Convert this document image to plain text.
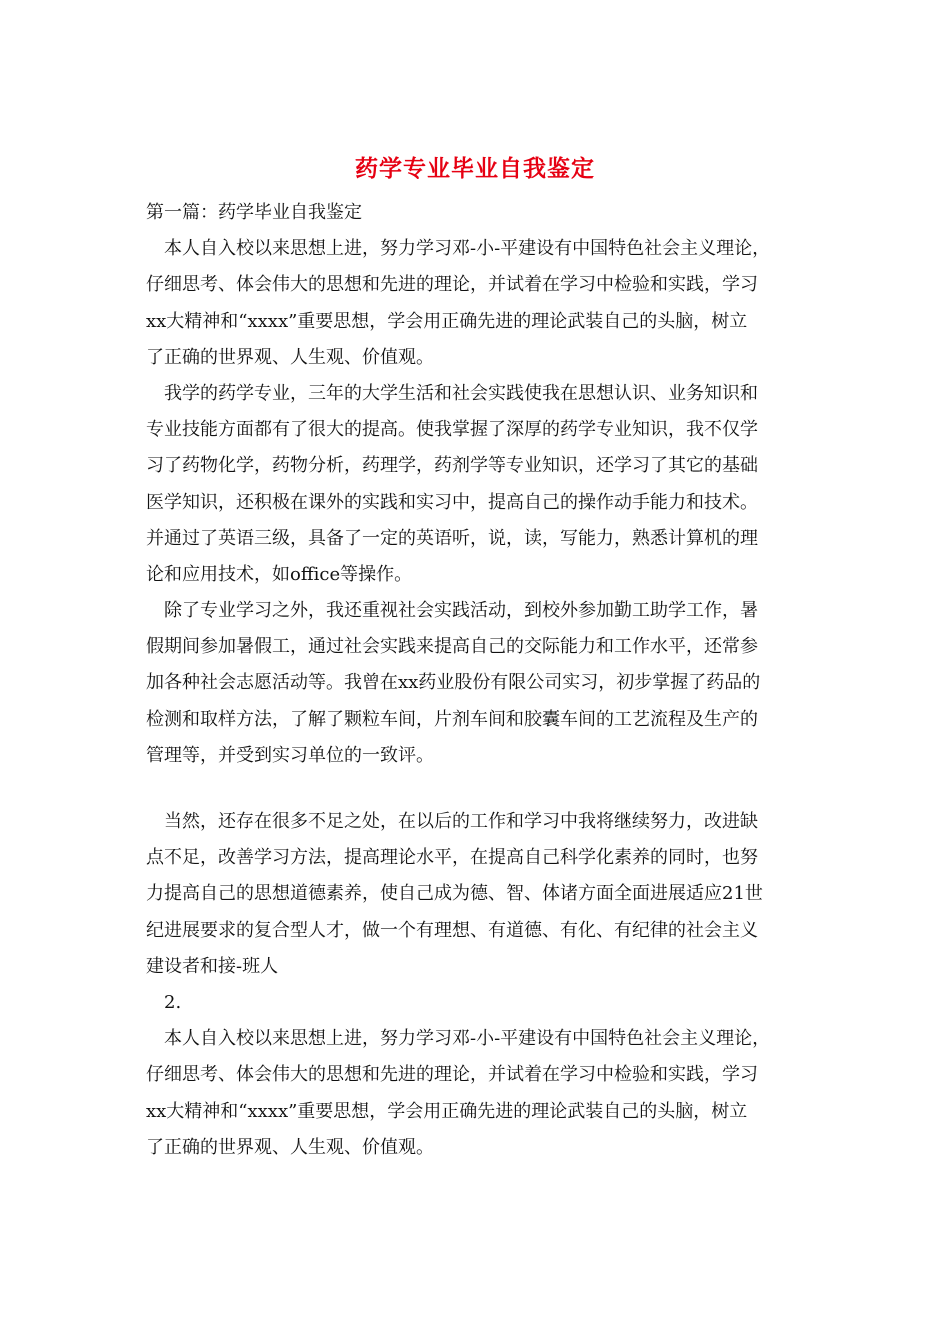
药学专业毕业自我鉴定
第一篇：药学毕业自我鉴定
本人自入校以来思想上进，努力学习邓-小-平建设有中国特色社会主义理论，
仔细思考、体会伟大的思想和先进的理论，并试着在学习中检验和实践，学习
xx大精神和“xxxx”重要思想，学会用正确先进的理论武装自己的头脑，树立
了正确的世界观、人生观、价值观。
我学的药学专业，三年的大学生活和社会实践使我在思想认识、业务知识和
专业技能方面都有了很大的提高。使我掌握了深厚的药学专业知识，我不仅学
习了药物化学，药物分析，药理学，药剂学等专业知识，还学习了其它的基础
医学知识，还积极在课外的实践和实习中，提高自己的操作动手能力和技术。
并通过了英语三级，具备了一定的英语听，说，读，写能力，熟悉计算机的理
论和应用技术，如office等操作。
除了专业学习之外，我还重视社会实践活动，到校外参加勤工助学工作，暑
假期间参加暑假工，通过社会实践来提高自己的交际能力和工作水平，还常参
加各种社会志愿活动等。我曾在xx药业股份有限公司实习，初步掌握了药品的
检测和取样方法，了解了颗粒车间，片剂车间和胶囊车间的工艺流程及生产的
管理等，并受到实习单位的一致评。
当然，还存在很多不足之处，在以后的工作和学习中我将继续努力，改进缺
点不足，改善学习方法，提高理论水平，在提高自己科学化素养的同时，也努
力提高自己的思想道德素养，使自己成为德、智、体诸方面全面进展适应21世
纪进展要求的复合型人才，做一个有理想、有道德、有化、有纪律的社会主义
建设者和接-班人
2.
本人自入校以来思想上进，努力学习邓-小-平建设有中国特色社会主义理论，
仔细思考、体会伟大的思想和先进的理论，并试着在学习中检验和实践，学习
xx大精神和“xxxx”重要思想，学会用正确先进的理论武装自己的头脑，树立
了正确的世界观、人生观、价值观。
